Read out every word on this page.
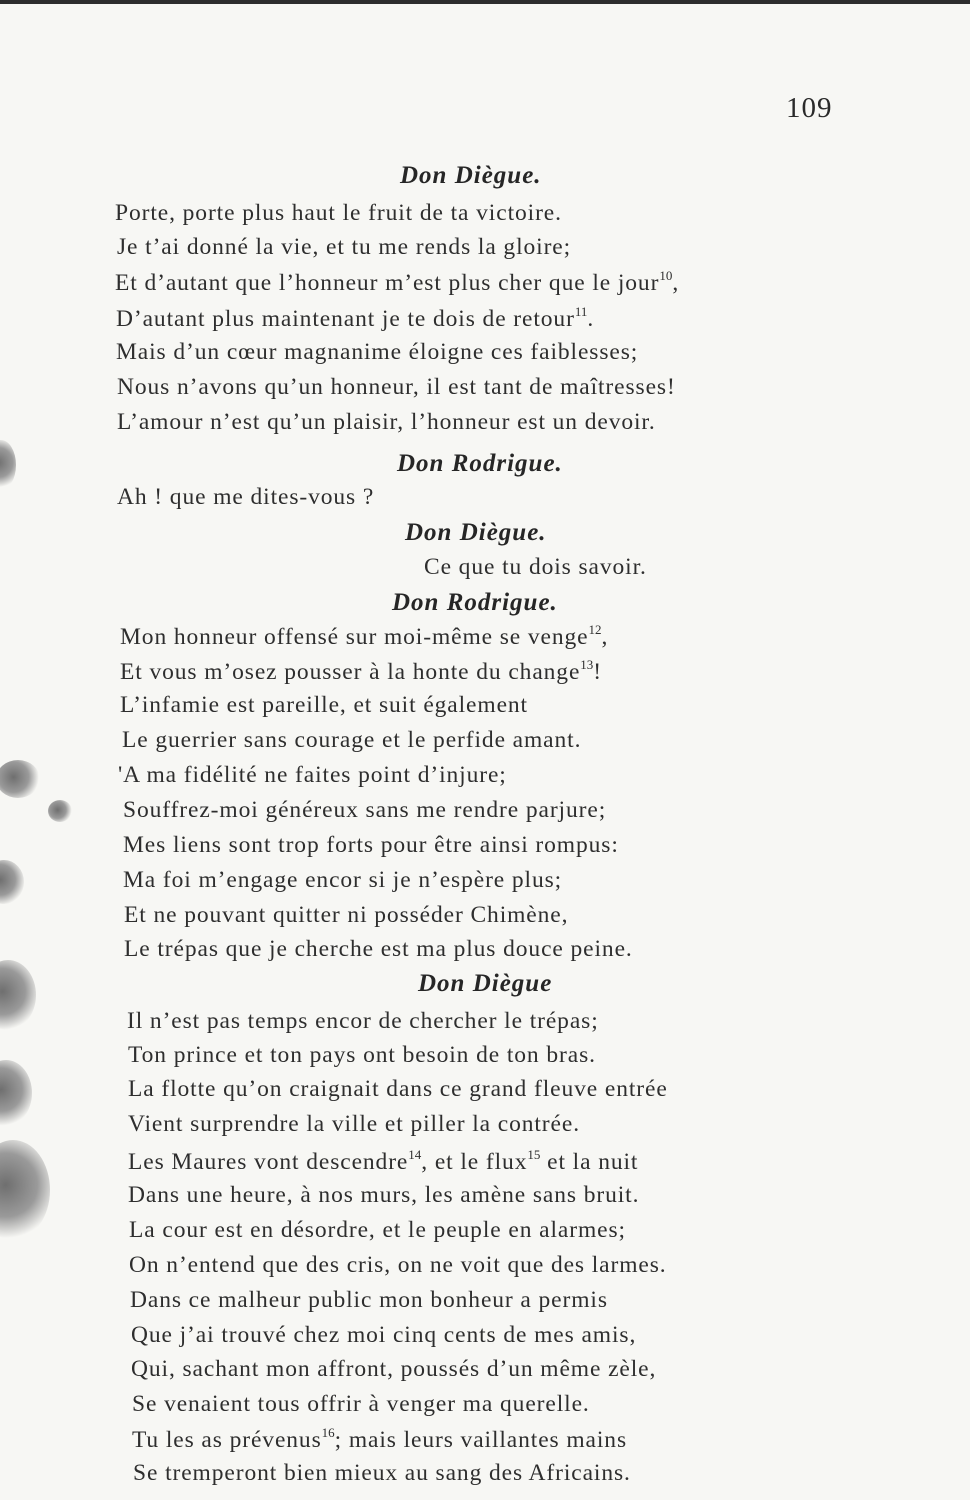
109
Don Diègue.
Don Rodrigue.
Don Diègue.
Don Rodrigue.
Don Diègue
Porte, porte plus haut le fruit de ta victoire.
Je t’ai donné la vie, et tu me rends la gloire;
Et d’autant que l’honneur m’est plus cher que le jour$^{10}$,
D’autant plus maintenant je te dois de retour$^{11}$.
Mais d’un cœur magnanime éloigne ces faiblesses;
Nous n’avons qu’un honneur, il est tant de maîtresses!
L’amour n’est qu’un plaisir, l’honneur est un devoir.
Ah ! que me dites-vous ?
Ce que tu dois savoir.
Mon honneur offensé sur moi-même se venge$^{12}$,
Et vous m’osez pousser à la honte du change$^{13}$!
L’infamie est pareille, et suit également
Le guerrier sans courage et le perfide amant.
'A ma fidélité ne faites point d’injure;
Souffrez-moi généreux sans me rendre parjure;
Mes liens sont trop forts pour être ainsi rompus:
Ma foi m’engage encor si je n’espère plus;
Et ne pouvant quitter ni posséder Chimène,
Le trépas que je cherche est ma plus douce peine.
Il n’est pas temps encor de chercher le trépas;
Ton prince et ton pays ont besoin de ton bras.
La flotte qu’on craignait dans ce grand fleuve entrée
Vient surprendre la ville et piller la contrée.
Les Maures vont descendre$^{14}$, et le flux$^{15}$ et la nuit
Dans une heure, à nos murs, les amène sans bruit.
La cour est en désordre, et le peuple en alarmes;
On n’entend que des cris, on ne voit que des larmes.
Dans ce malheur public mon bonheur a permis
Que j’ai trouvé chez moi cinq cents de mes amis,
Qui, sachant mon affront, poussés d’un même zèle,
Se venaient tous offrir à venger ma querelle.
Tu les as prévenus$^{16}$; mais leurs vaillantes mains
Se tremperont bien mieux au sang des Africains.
